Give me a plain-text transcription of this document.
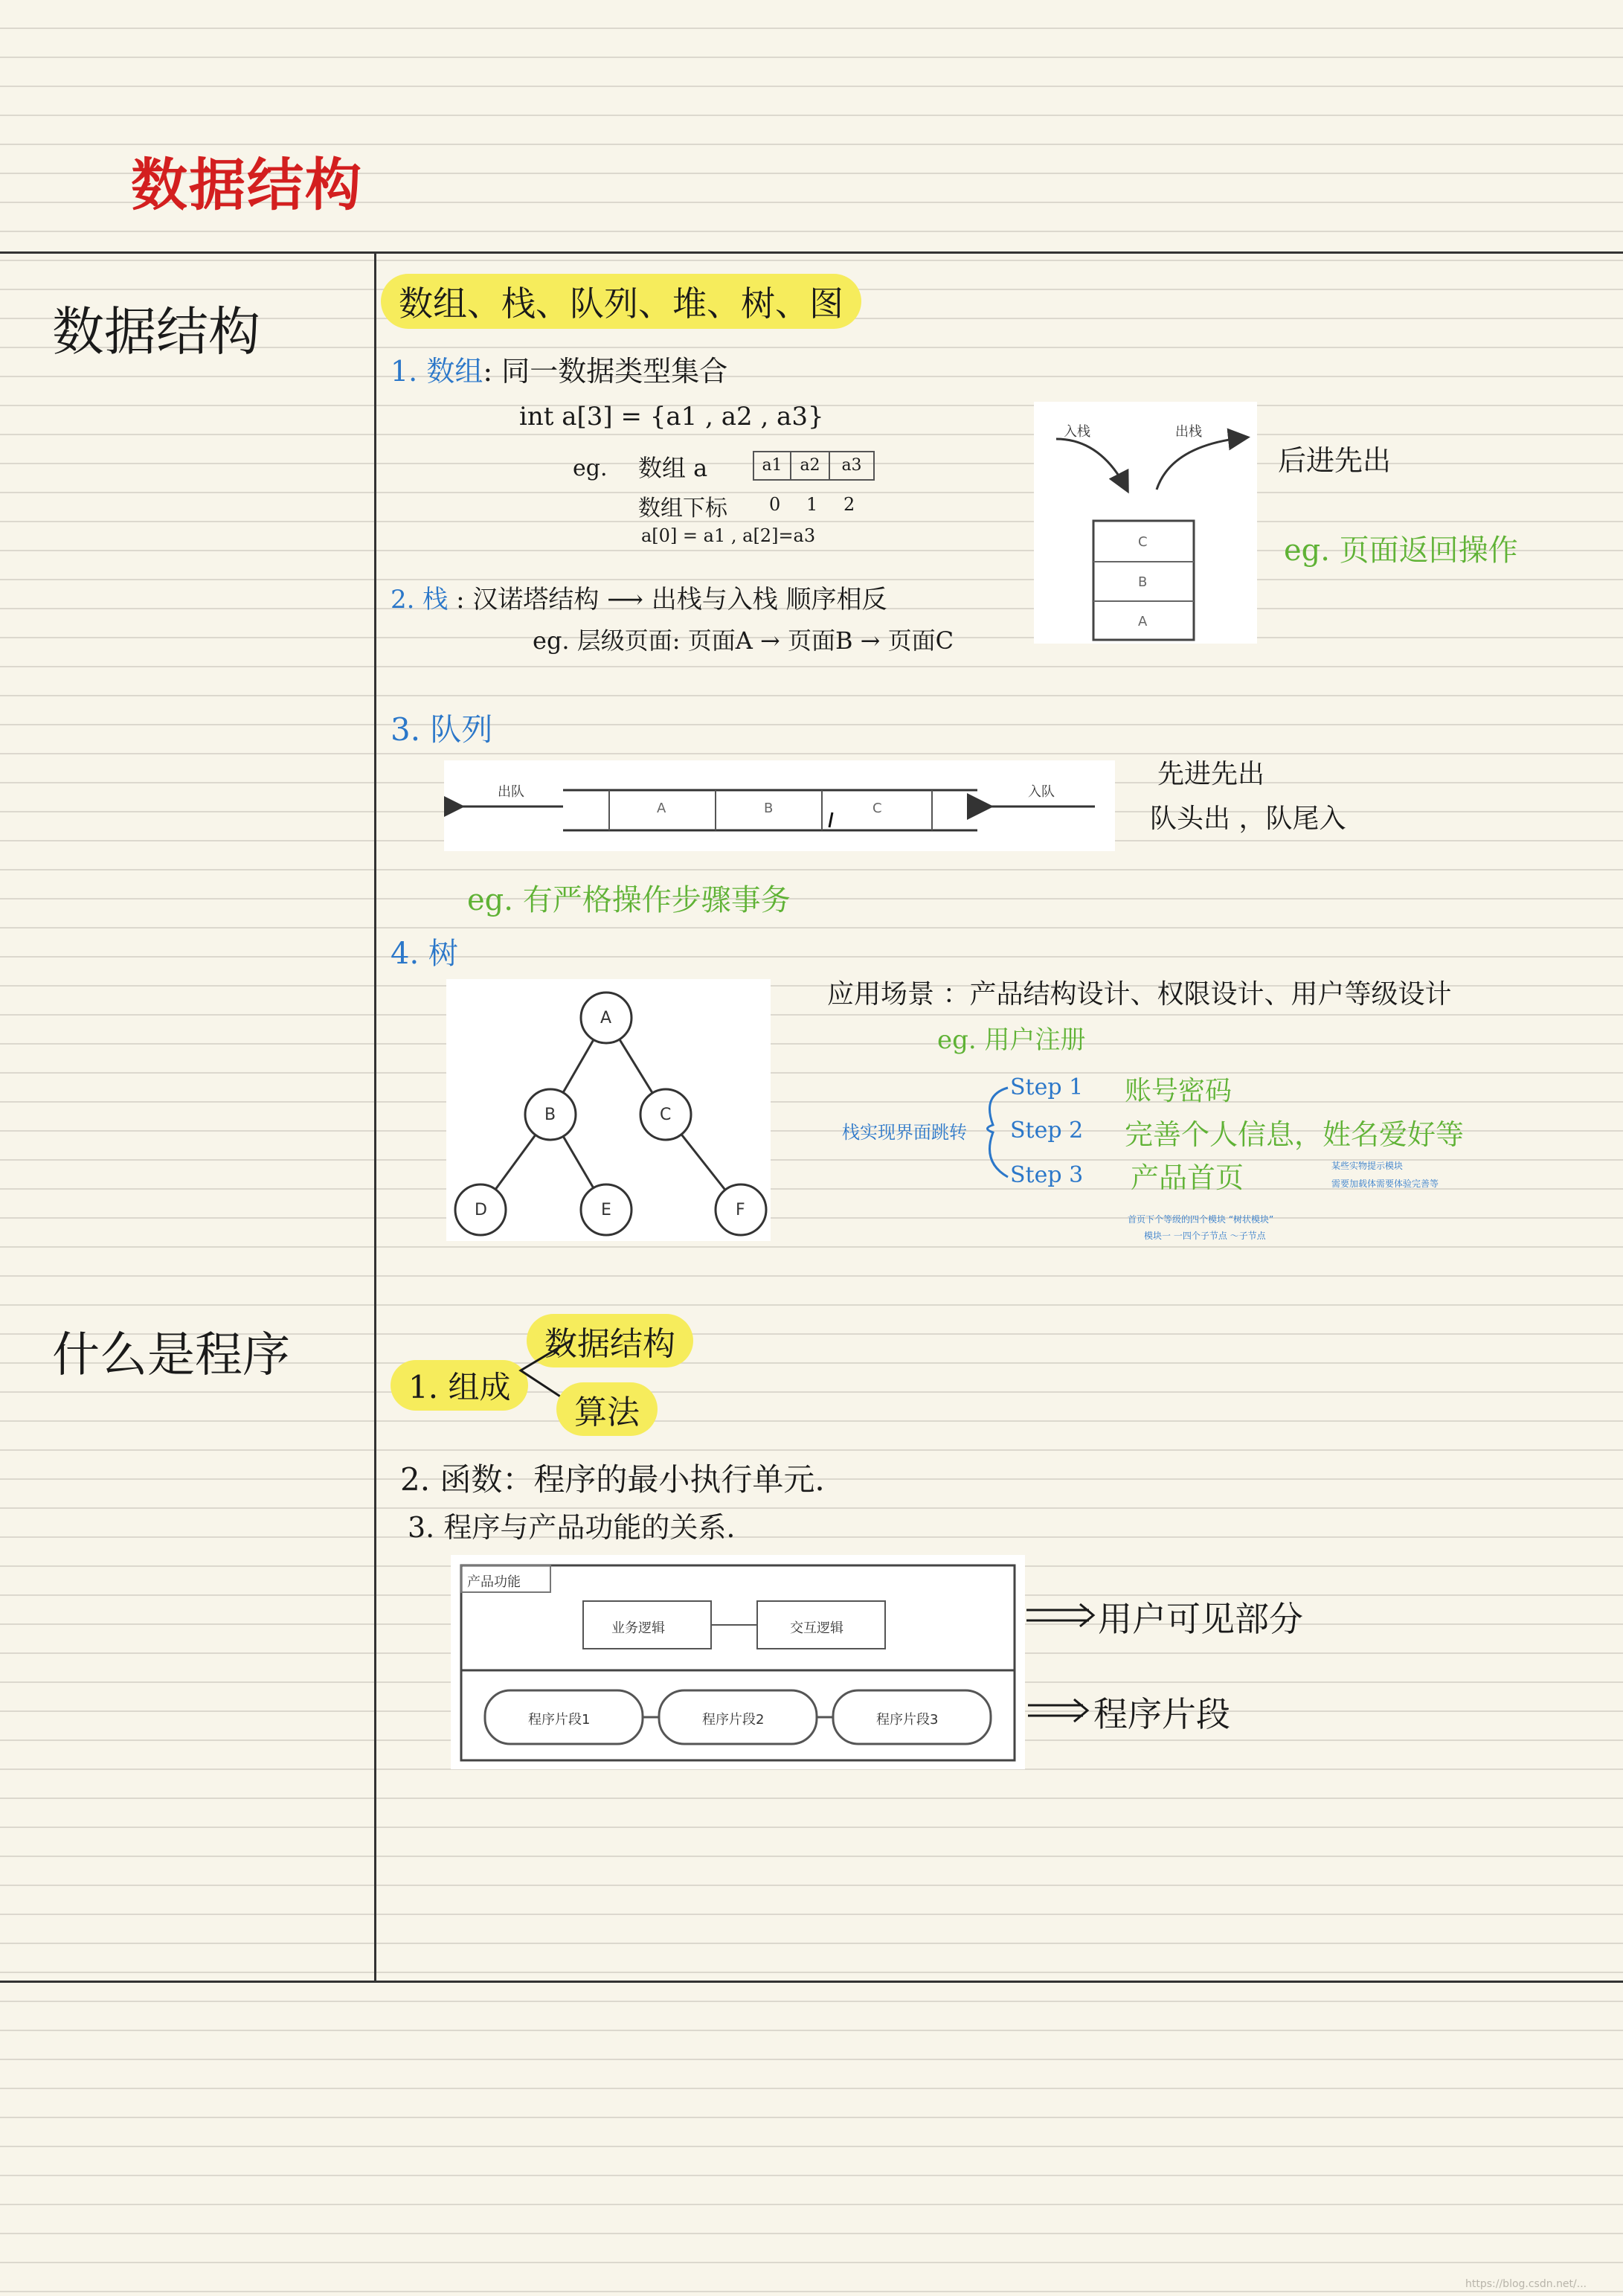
数据结构
数据结构
什么是程序
数组、栈、队列、堆、树、图
1. 数组: 同一数据类型集合
int a[3] = {a1 , a2 , a3}
eg. 数组 a	a1	a2	a3
数组下标 0 1 2
a[0] = a1 , a[2]=a3
2. 栈 : 汉诺塔结构 ⟶ 出栈与入栈 顺序相反
eg. 层级页面: 页面A → 页面B → 页面C
入栈	出栈
C
B
A
后进先出
eg. 页面返回操作
3. 队列
出队	入队
A	B	C
先进先出
队头出 ，队尾入
eg. 有严格操作步骤事务
4. 树
A
B	C
D	E	F
应用场景 ：产品结构设计、权限设计、用户等级设计
eg. 用户注册
栈实现界面跳转
Step 1 账号密码
Step 2 完善个人信息，姓名爱好等
Step 3 产品首页	某些实物提示模块
需要加载体需要体验完善等
首页下个等级的四个模块 “树状模块”
模块一 一四个子节点 ～子节点
数据结构
1. 组成
算法
2. 函数：程序的最小执行单元.
3. 程序与产品功能的关系.
产品功能
业务逻辑	交互逻辑
程序片段1	程序片段2	程序片段3
用户可见部分
程序片段
https://blog.csdn.net/...
